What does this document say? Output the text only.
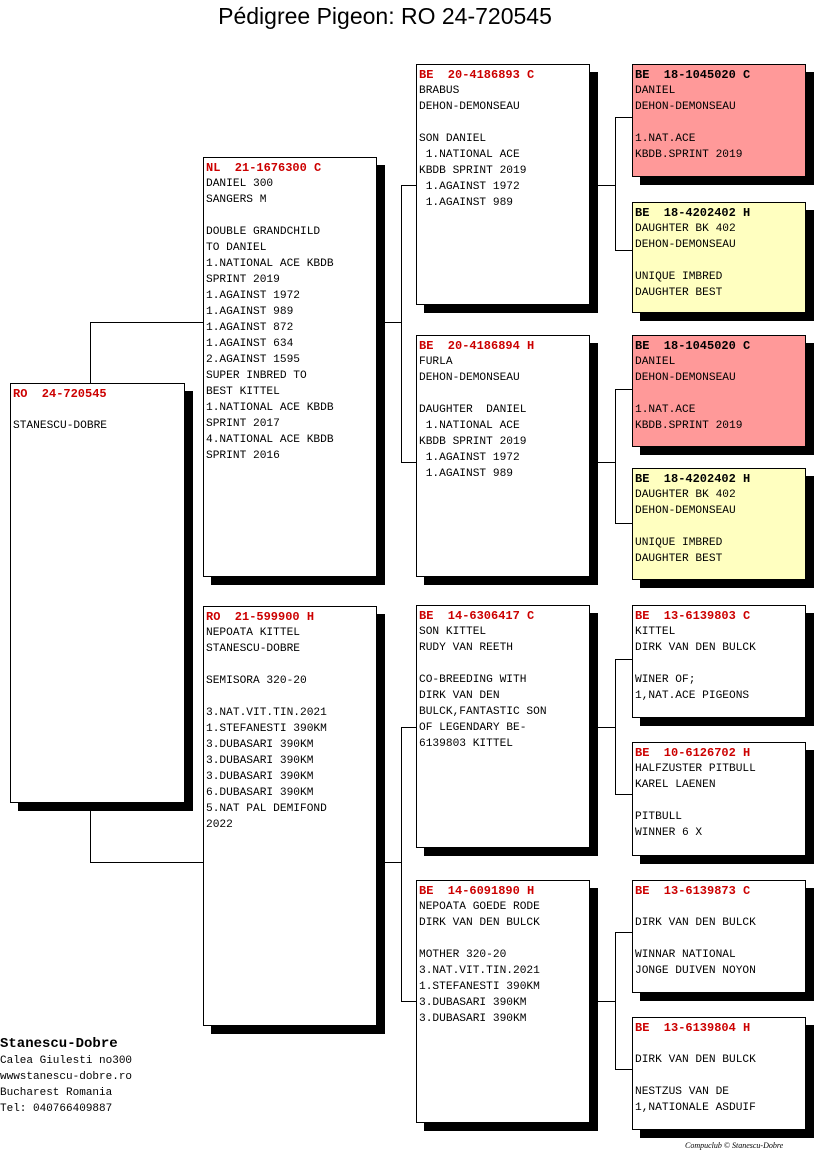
Pédigree Pigeon: RO 24-720545
RO  24-720545

STANESCU-DOBRE
NL  21-1676300 C
DANIEL 300
SANGERS M

DOUBLE GRANDCHILD
TO DANIEL
1.NATIONAL ACE KBDB
SPRINT 2019
1.AGAINST 1972
1.AGAINST 989
1.AGAINST 872
1.AGAINST 634
2.AGAINST 1595
SUPER INBRED TO
BEST KITTEL
1.NATIONAL ACE KBDB
SPRINT 2017
4.NATIONAL ACE KBDB
SPRINT 2016
RO  21-599900 H
NEPOATA KITTEL
STANESCU-DOBRE

SEMISORA 320-20

3.NAT.VIT.TIN.2021
1.STEFANESTI 390KM
3.DUBASARI 390KM
3.DUBASARI 390KM
3.DUBASARI 390KM
6.DUBASARI 390KM
5.NAT PAL DEMIFOND
2022
BE  20-4186893 C
BRABUS
DEHON-DEMONSEAU

SON DANIEL
1.NATIONAL ACE
KBDB SPRINT 2019
1.AGAINST 1972
1.AGAINST 989
BE  20-4186894 H
FURLA
DEHON-DEMONSEAU

DAUGHTER  DANIEL
1.NATIONAL ACE
KBDB SPRINT 2019
1.AGAINST 1972
1.AGAINST 989
BE  14-6306417 C
SON KITTEL
RUDY VAN REETH

CO-BREEDING WITH
DIRK VAN DEN
BULCK,FANTASTIC SON
OF LEGENDARY BE-
6139803 KITTEL
BE  14-6091890 H
NEPOATA GOEDE RODE
DIRK VAN DEN BULCK

MOTHER 320-20
3.NAT.VIT.TIN.2021
1.STEFANESTI 390KM
3.DUBASARI 390KM
3.DUBASARI 390KM
BE  18-1045020 C
DANIEL
DEHON-DEMONSEAU

1.NAT.ACE
KBDB.SPRINT 2019
BE  18-4202402 H
DAUGHTER BK 402
DEHON-DEMONSEAU

UNIQUE IMBRED
DAUGHTER BEST
BE  18-1045020 C
DANIEL
DEHON-DEMONSEAU

1.NAT.ACE
KBDB.SPRINT 2019
BE  18-4202402 H
DAUGHTER BK 402
DEHON-DEMONSEAU

UNIQUE IMBRED
DAUGHTER BEST
BE  13-6139803 C
KITTEL
DIRK VAN DEN BULCK

WINER OF;
1,NAT.ACE PIGEONS
BE  10-6126702 H
HALFZUSTER PITBULL
KAREL LAENEN

PITBULL
WINNER 6 X
BE  13-6139873 C

DIRK VAN DEN BULCK

WINNAR NATIONAL
JONGE DUIVEN NOYON
BE  13-6139804 H

DIRK VAN DEN BULCK

NESTZUS VAN DE
1,NATIONALE ASDUIF
Stanescu-Dobre
Calea Giulesti no300
wwwstanescu-dobre.ro
Bucharest Romania
Tel: 040766409887
Compuclub © Stanescu-Dobre
